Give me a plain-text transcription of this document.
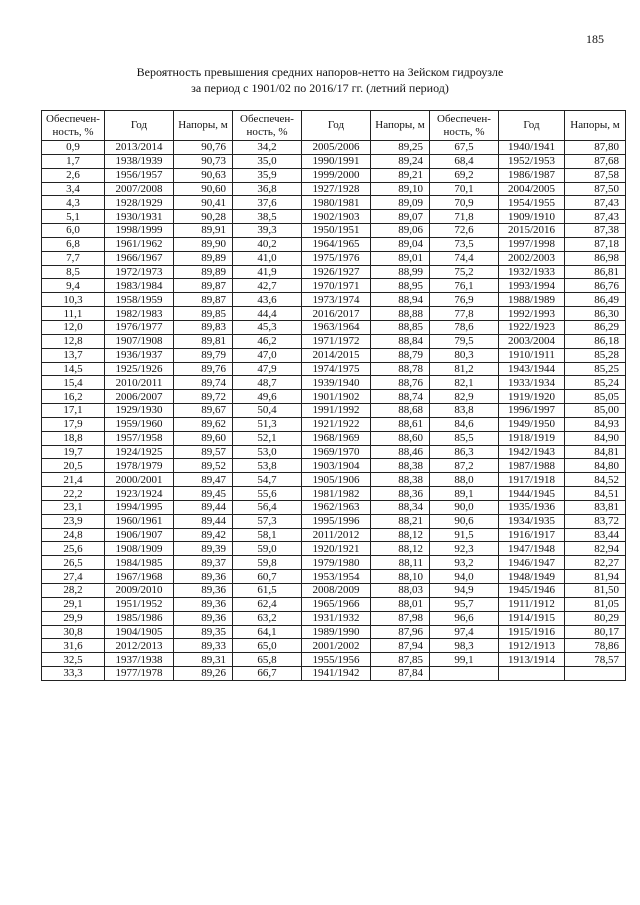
185
Вероятность превышения средних напоров-нетто на Зейском гидроузле
за период с 1901/02 по 2016/17 гг. (летний период)
Обеспечен-ность, %	Год	Напоры, м	Обеспечен-ность, %	Год	Напоры, м	Обеспечен-ность, %	Год	Напоры, м
0,9	2013/2014	90,76	34,2	2005/2006	89,25	67,5	1940/1941	87,80
1,7	1938/1939	90,73	35,0	1990/1991	89,24	68,4	1952/1953	87,68
2,6	1956/1957	90,63	35,9	1999/2000	89,21	69,2	1986/1987	87,58
3,4	2007/2008	90,60	36,8	1927/1928	89,10	70,1	2004/2005	87,50
4,3	1928/1929	90,41	37,6	1980/1981	89,09	70,9	1954/1955	87,43
5,1	1930/1931	90,28	38,5	1902/1903	89,07	71,8	1909/1910	87,43
6,0	1998/1999	89,91	39,3	1950/1951	89,06	72,6	2015/2016	87,38
6,8	1961/1962	89,90	40,2	1964/1965	89,04	73,5	1997/1998	87,18
7,7	1966/1967	89,89	41,0	1975/1976	89,01	74,4	2002/2003	86,98
8,5	1972/1973	89,89	41,9	1926/1927	88,99	75,2	1932/1933	86,81
9,4	1983/1984	89,87	42,7	1970/1971	88,95	76,1	1993/1994	86,76
10,3	1958/1959	89,87	43,6	1973/1974	88,94	76,9	1988/1989	86,49
11,1	1982/1983	89,85	44,4	2016/2017	88,88	77,8	1992/1993	86,30
12,0	1976/1977	89,83	45,3	1963/1964	88,85	78,6	1922/1923	86,29
12,8	1907/1908	89,81	46,2	1971/1972	88,84	79,5	2003/2004	86,18
13,7	1936/1937	89,79	47,0	2014/2015	88,79	80,3	1910/1911	85,28
14,5	1925/1926	89,76	47,9	1974/1975	88,78	81,2	1943/1944	85,25
15,4	2010/2011	89,74	48,7	1939/1940	88,76	82,1	1933/1934	85,24
16,2	2006/2007	89,72	49,6	1901/1902	88,74	82,9	1919/1920	85,05
17,1	1929/1930	89,67	50,4	1991/1992	88,68	83,8	1996/1997	85,00
17,9	1959/1960	89,62	51,3	1921/1922	88,61	84,6	1949/1950	84,93
18,8	1957/1958	89,60	52,1	1968/1969	88,60	85,5	1918/1919	84,90
19,7	1924/1925	89,57	53,0	1969/1970	88,46	86,3	1942/1943	84,81
20,5	1978/1979	89,52	53,8	1903/1904	88,38	87,2	1987/1988	84,80
21,4	2000/2001	89,47	54,7	1905/1906	88,38	88,0	1917/1918	84,52
22,2	1923/1924	89,45	55,6	1981/1982	88,36	89,1	1944/1945	84,51
23,1	1994/1995	89,44	56,4	1962/1963	88,34	90,0	1935/1936	83,81
23,9	1960/1961	89,44	57,3	1995/1996	88,21	90,6	1934/1935	83,72
24,8	1906/1907	89,42	58,1	2011/2012	88,12	91,5	1916/1917	83,44
25,6	1908/1909	89,39	59,0	1920/1921	88,12	92,3	1947/1948	82,94
26,5	1984/1985	89,37	59,8	1979/1980	88,11	93,2	1946/1947	82,27
27,4	1967/1968	89,36	60,7	1953/1954	88,10	94,0	1948/1949	81,94
28,2	2009/2010	89,36	61,5	2008/2009	88,03	94,9	1945/1946	81,50
29,1	1951/1952	89,36	62,4	1965/1966	88,01	95,7	1911/1912	81,05
29,9	1985/1986	89,36	63,2	1931/1932	87,98	96,6	1914/1915	80,29
30,8	1904/1905	89,35	64,1	1989/1990	87,96	97,4	1915/1916	80,17
31,6	2012/2013	89,33	65,0	2001/2002	87,94	98,3	1912/1913	78,86
32,5	1937/1938	89,31	65,8	1955/1956	87,85	99,1	1913/1914	78,57
33,3	1977/1978	89,26	66,7	1941/1942	87,84			
